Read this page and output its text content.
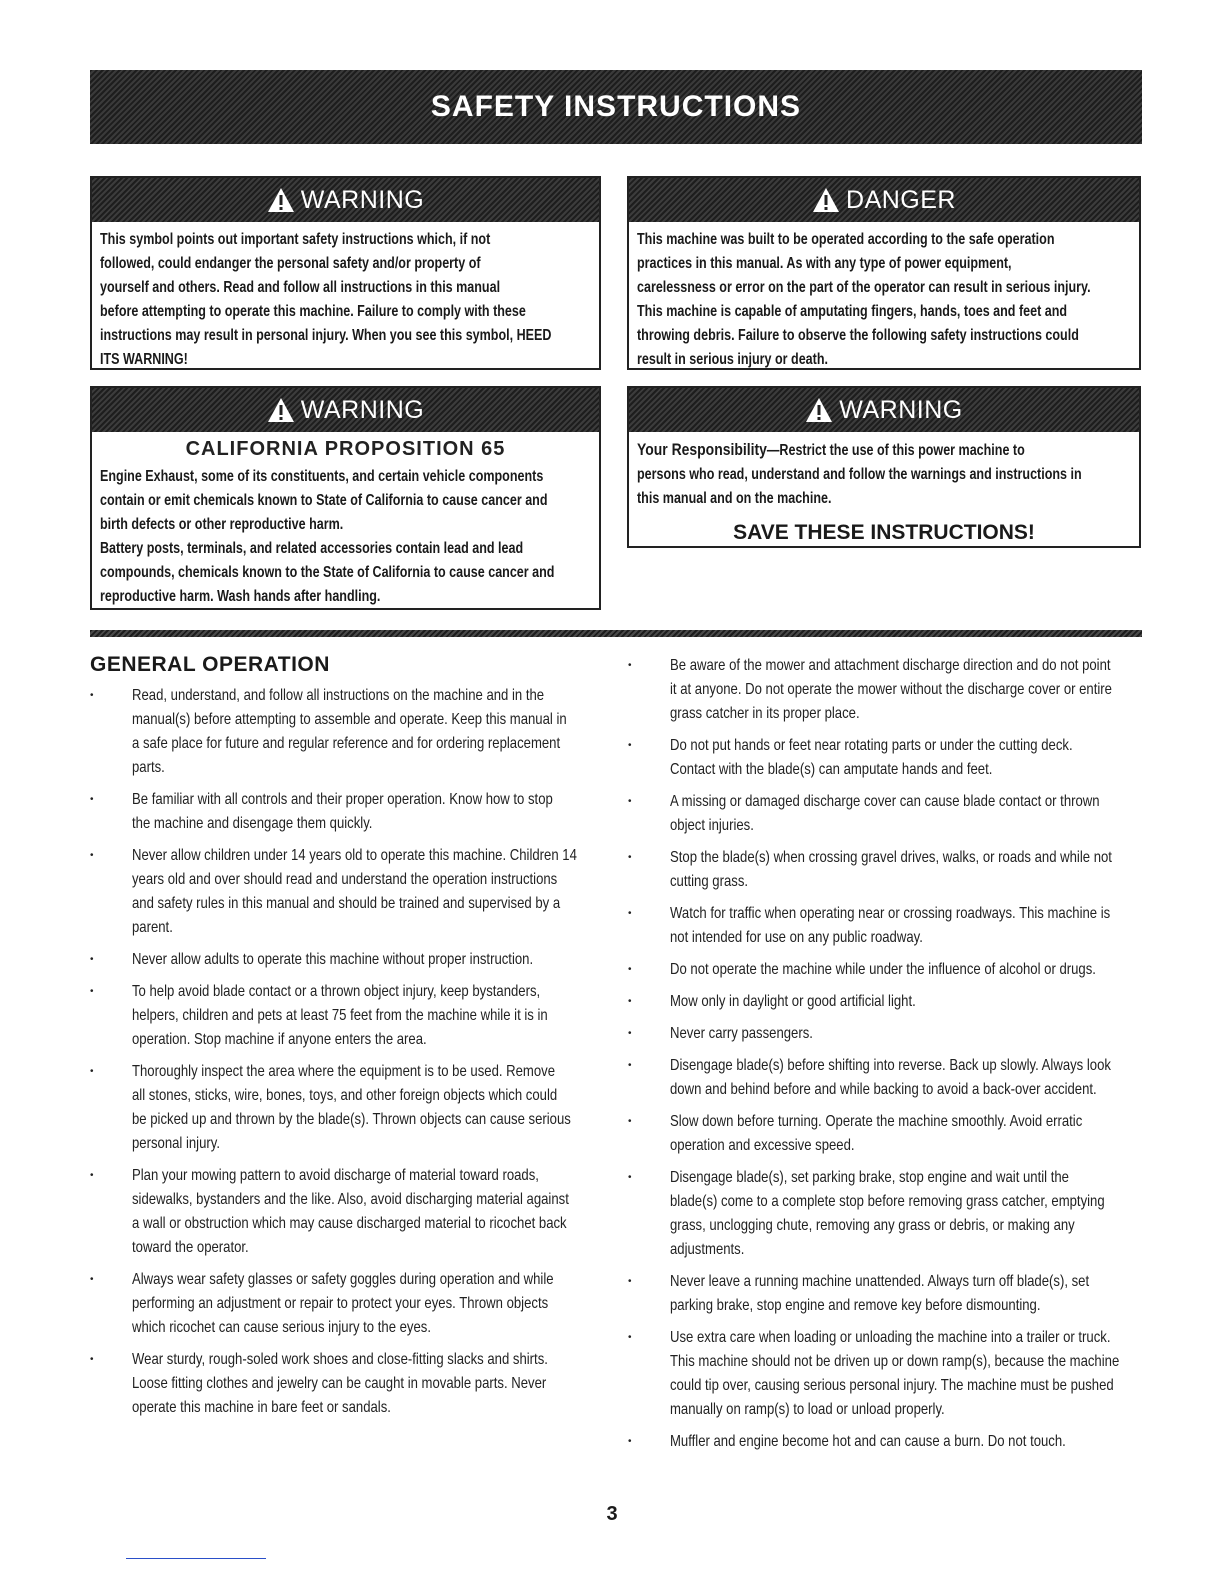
SAFETY INSTRUCTIONS
WARNING
This symbol points out important safety instructions which, if not
followed, could endanger the personal safety and/or property of
yourself and others. Read and follow all instructions in this manual
before attempting to operate this machine. Failure to comply with these
instructions may result in personal injury. When you see this symbol, HEED
ITS WARNING!
DANGER
This machine was built to be operated according to the safe operation
practices in this manual. As with any type of power equipment,
carelessness or error on the part of the operator can result in serious injury.
This machine is capable of amputating fingers, hands, toes and feet and
throwing debris. Failure to observe the following safety instructions could
result in serious injury or death.
WARNING
CALIFORNIA PROPOSITION 65
Engine Exhaust, some of its constituents, and certain vehicle components
contain or emit chemicals known to State of California to cause cancer and
birth defects or other reproductive harm.
Battery posts, terminals, and related accessories contain lead and lead
compounds, chemicals known to the State of California to cause cancer and
reproductive harm. Wash hands after handling.
WARNING
Your Responsibility—Restrict the use of this power machine to
persons who read, understand and follow the warnings and instructions in
this manual and on the machine.
SAVE THESE INSTRUCTIONS!
GENERAL OPERATION
• Read, understand, and follow all instructions on the machine and in the
manual(s) before attempting to assemble and operate. Keep this manual in
a safe place for future and regular reference and for ordering replacement
parts.
• Be familiar with all controls and their proper operation. Know how to stop
the machine and disengage them quickly.
• Never allow children under 14 years old to operate this machine. Children 14
years old and over should read and understand the operation instructions
and safety rules in this manual and should be trained and supervised by a
parent.
• Never allow adults to operate this machine without proper instruction.
• To help avoid blade contact or a thrown object injury, keep bystanders,
helpers, children and pets at least 75 feet from the machine while it is in
operation. Stop machine if anyone enters the area.
• Thoroughly inspect the area where the equipment is to be used. Remove
all stones, sticks, wire, bones, toys, and other foreign objects which could
be picked up and thrown by the blade(s). Thrown objects can cause serious
personal injury.
• Plan your mowing pattern to avoid discharge of material toward roads,
sidewalks, bystanders and the like. Also, avoid discharging material against
a wall or obstruction which may cause discharged material to ricochet back
toward the operator.
• Always wear safety glasses or safety goggles during operation and while
performing an adjustment or repair to protect your eyes. Thrown objects
which ricochet can cause serious injury to the eyes.
• Wear sturdy, rough-soled work shoes and close-fitting slacks and shirts.
Loose fitting clothes and jewelry can be caught in movable parts. Never
operate this machine in bare feet or sandals.
• Be aware of the mower and attachment discharge direction and do not point
it at anyone. Do not operate the mower without the discharge cover or entire
grass catcher in its proper place.
• Do not put hands or feet near rotating parts or under the cutting deck.
Contact with the blade(s) can amputate hands and feet.
• A missing or damaged discharge cover can cause blade contact or thrown
object injuries.
• Stop the blade(s) when crossing gravel drives, walks, or roads and while not
cutting grass.
• Watch for traffic when operating near or crossing roadways. This machine is
not intended for use on any public roadway.
• Do not operate the machine while under the influence of alcohol or drugs.
• Mow only in daylight or good artificial light.
• Never carry passengers.
• Disengage blade(s) before shifting into reverse. Back up slowly. Always look
down and behind before and while backing to avoid a back-over accident.
• Slow down before turning. Operate the machine smoothly. Avoid erratic
operation and excessive speed.
• Disengage blade(s), set parking brake, stop engine and wait until the
blade(s) come to a complete stop before removing grass catcher, emptying
grass, unclogging chute, removing any grass or debris, or making any
adjustments.
• Never leave a running machine unattended. Always turn off blade(s), set
parking brake, stop engine and remove key before dismounting.
• Use extra care when loading or unloading the machine into a trailer or truck.
This machine should not be driven up or down ramp(s), because the machine
could tip over, causing serious personal injury. The machine must be pushed
manually on ramp(s) to load or unload properly.
• Muffler and engine become hot and can cause a burn. Do not touch.
3
